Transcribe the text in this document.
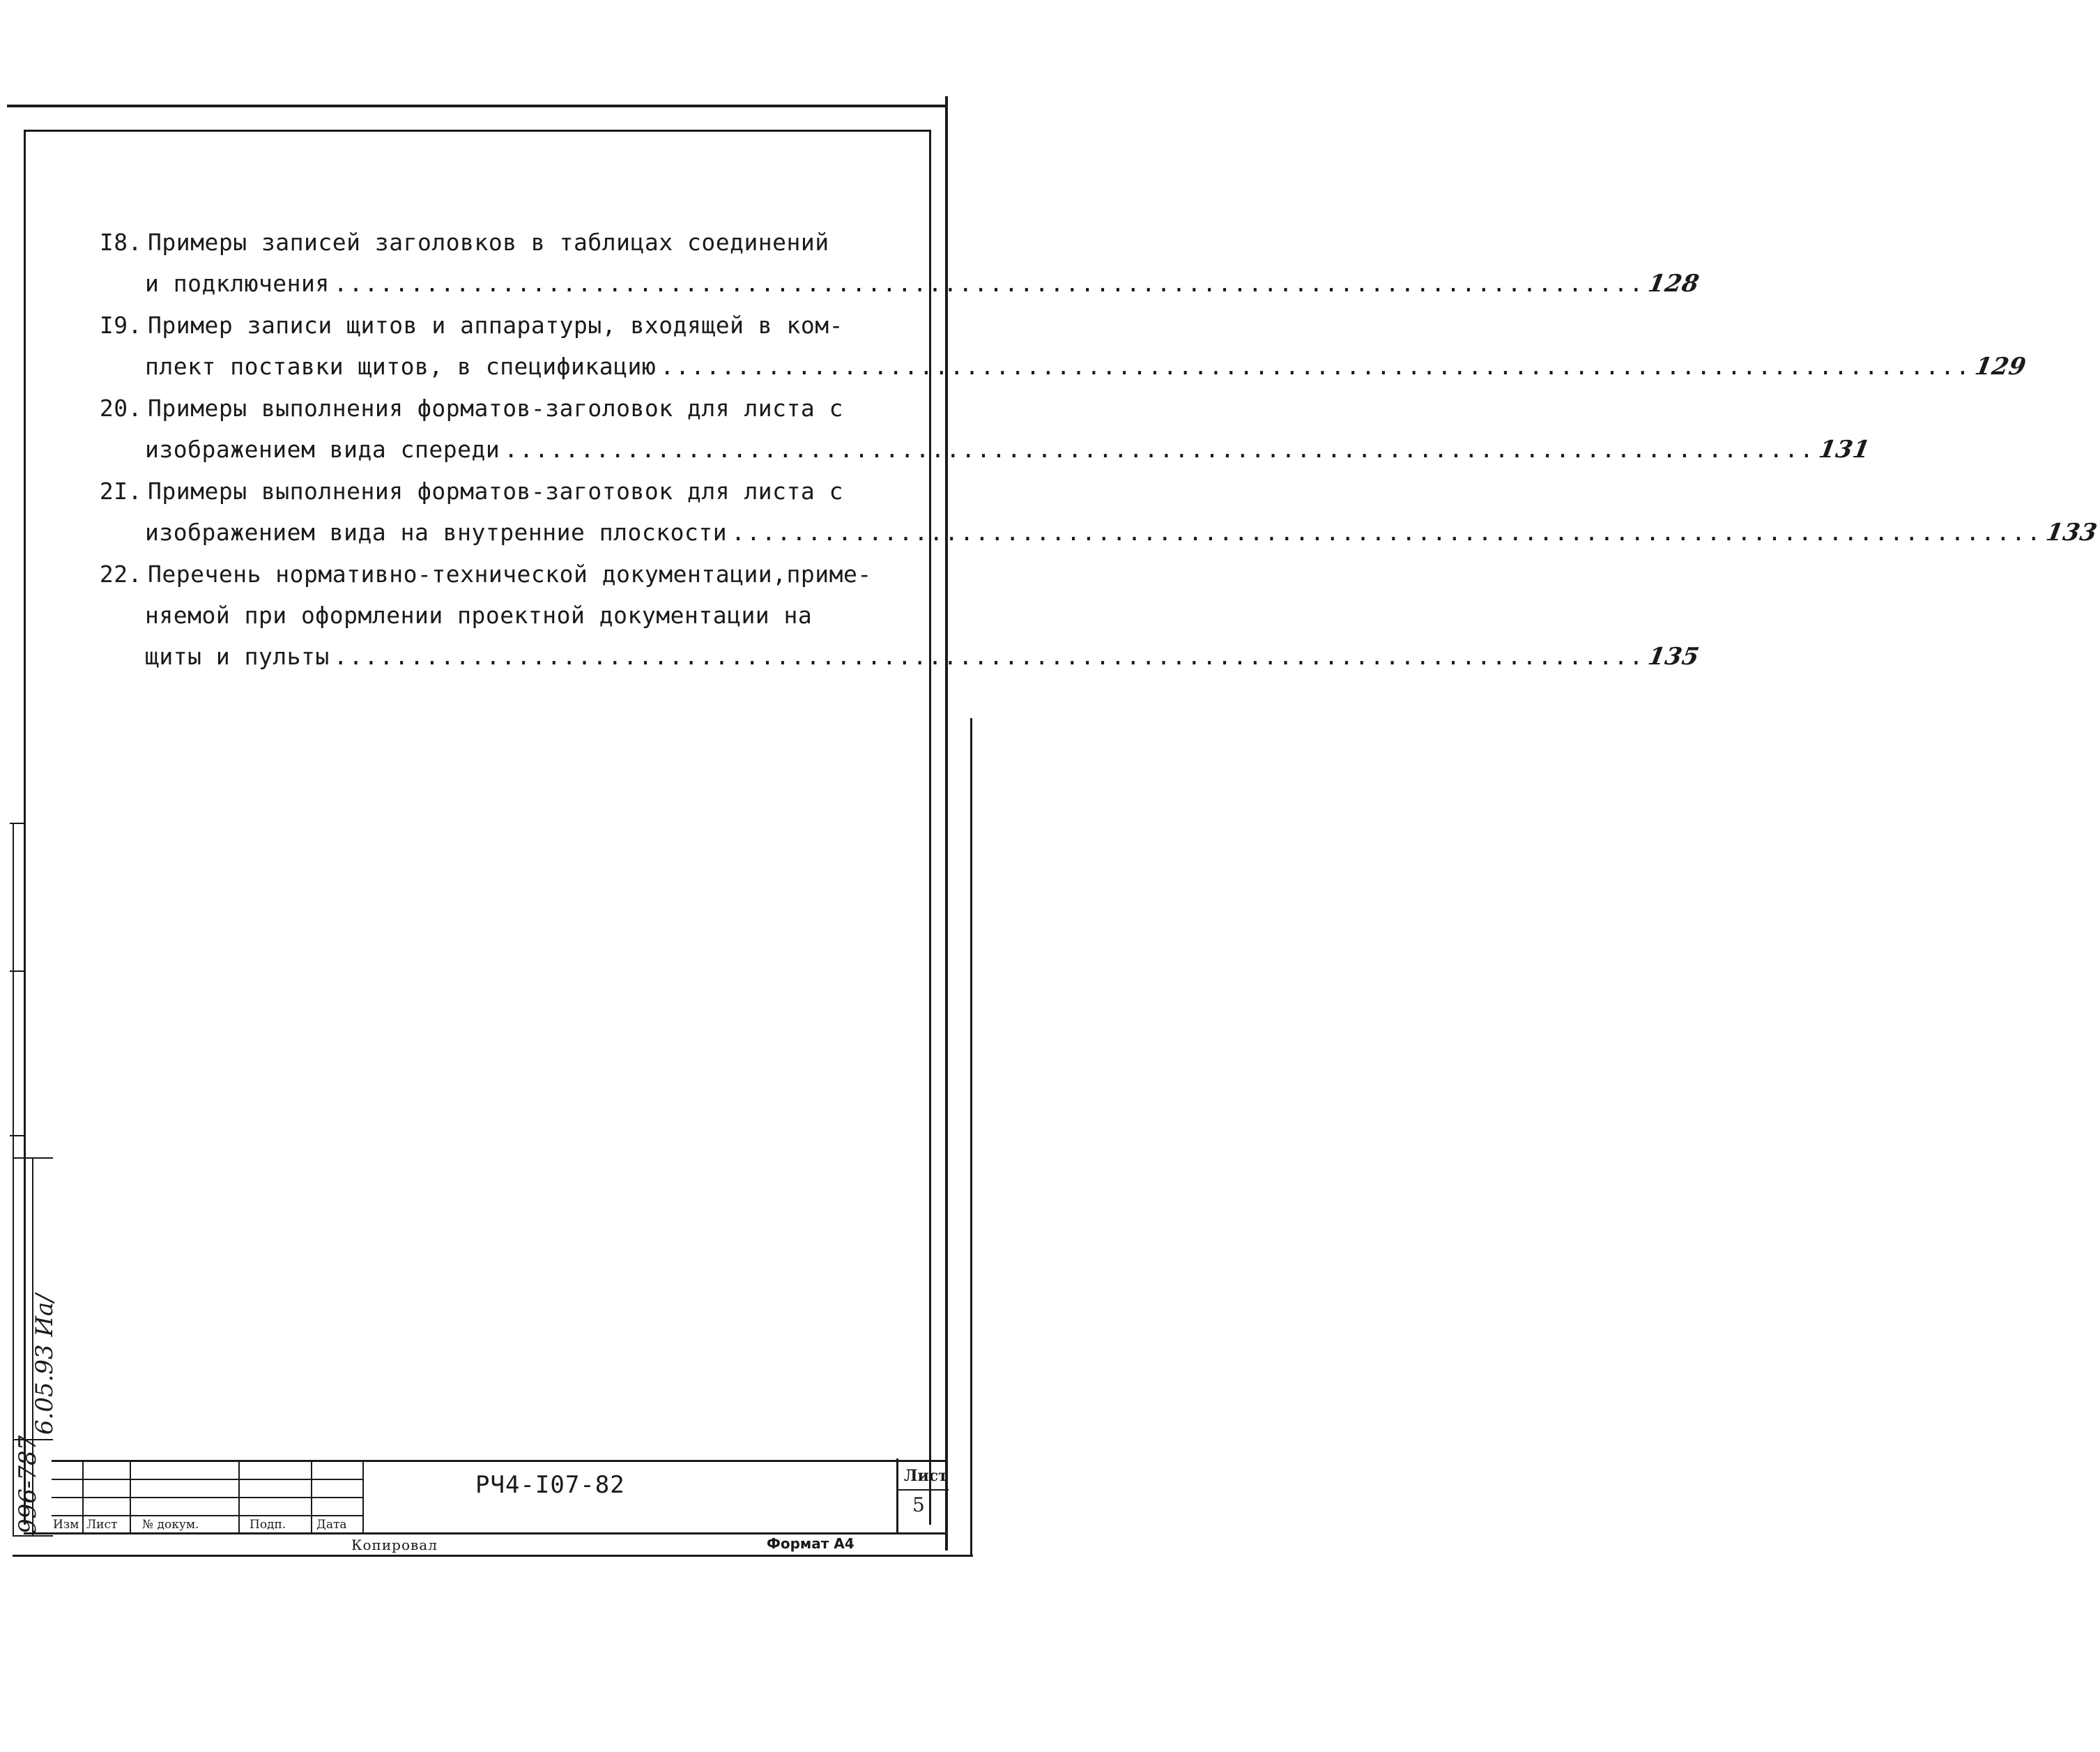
I8. Примеры записей заголовков в таблицах соединений
и подключения ...................................................................................... 128
I9. Пример записи щитов и аппаратуры, входящей в ком-
плект поставки щитов, в спецификацию ...................................................................................... 129
20. Примеры выполнения форматов-заголовок для листа с
изображением вида спереди ...................................................................................... 131
2I. Примеры выполнения форматов-заготовок для листа с
изображением вида на внутренние плоскости ...................................................................................... 133
22. Перечень нормативно-технической документации,приме-
няемой при оформлении проектной документации на
щиты и пульты ...................................................................................... 135
996-787
6.05.93 Иа/
Изм Лист № докум.	Подп.	Дата
РЧ4-I07-82	Лист
5
Копировал	Формат А4
